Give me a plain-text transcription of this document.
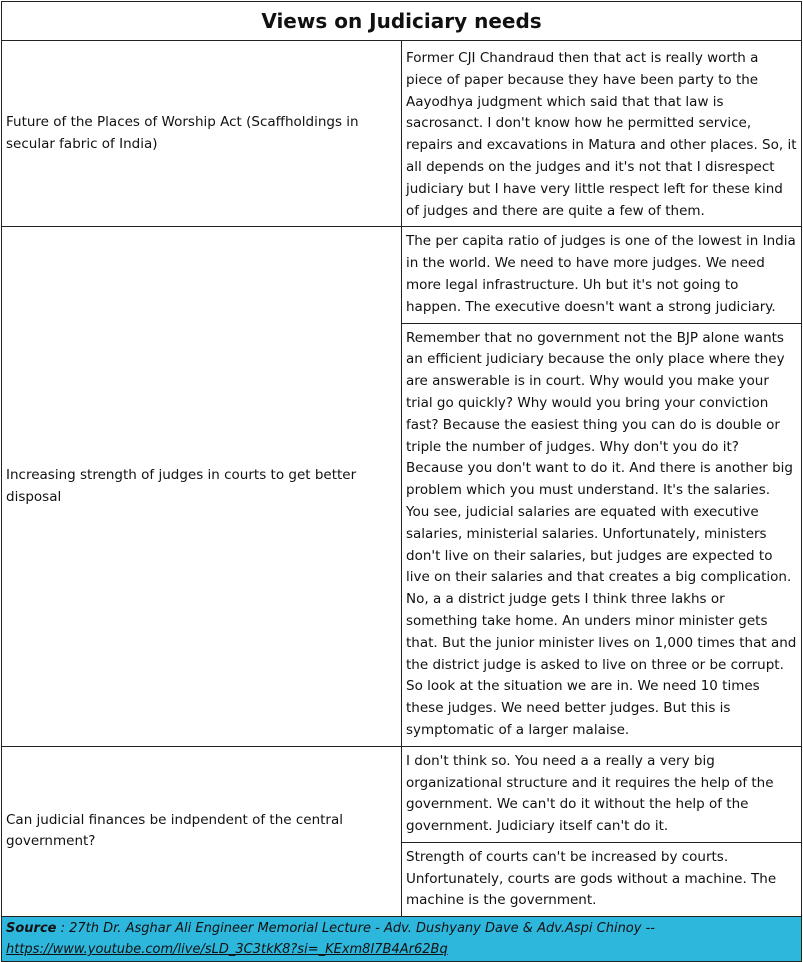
Views on Judiciary needs	
Future of the Places of Worship Act (Scaffholdings in secular fabric of India)	Former CJI Chandraud then that act is really worth a piece of paper because they have been party to the Aayodhya judgment which said that that law is sacrosanct. I don't know how he permitted service, repairs and excavations in Matura and other places. So, it all depends on the judges and it's not that I disrespect judiciary but I have very little respect left for these kind of judges and there are quite a few of them.
Increasing strength of judges in courts to get better disposal	The per capita ratio of judges is one of the lowest in India in the world. We need to have more judges. We need more legal infrastructure. Uh but it's not going to happen. The executive doesn't want a strong judiciary.
	Remember that no government not the BJP alone wants an efficient judiciary because the only place where they are answerable is in court. Why would you make your trial go quickly? Why would you bring your conviction fast? Because the easiest thing you can do is double or triple the number of judges. Why don't you do it? Because you don't want to do it. And there is another big problem which you must understand. It's the salaries. You see, judicial salaries are equated with executive salaries, ministerial salaries. Unfortunately, ministers don't live on their salaries, but judges are expected to live on their salaries and that creates a big complication. No, a a district judge gets I think three lakhs or something take home. An unders minor minister gets that. But the junior minister lives on 1,000 times that and the district judge is asked to live on three or be corrupt. So look at the situation we are in. We need 10 times these judges. We need better judges. But this is symptomatic of a larger malaise.
Can judicial finances be indpendent of the central government?	I don't think so. You need a a really a very big organizational structure and it requires the help of the government. We can't do it without the help of the government. Judiciary itself can't do it.
	Strength of courts can't be increased by courts. Unfortunately, courts are gods without a machine. The machine is the government.
Source : 27th Dr. Asghar Ali Engineer Memorial Lecture - Adv. Dushyany Dave & Adv.Aspi Chinoy --
https://www.youtube.com/live/sLD_3C3tkK8?si=_KExm8I7B4Ar62Bq	
